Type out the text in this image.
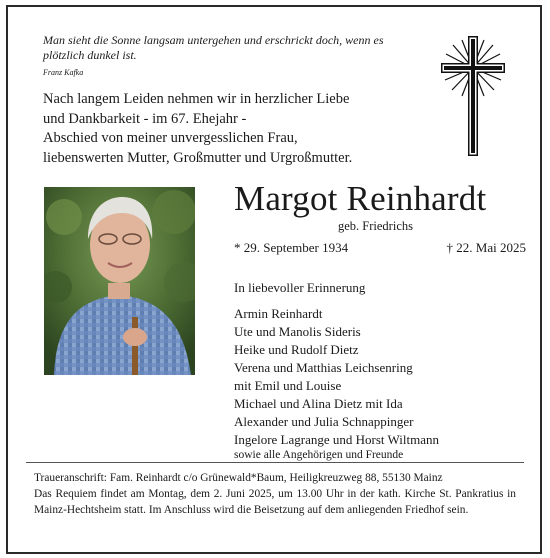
Man sieht die Sonne langsam untergehen und erschrickt doch, wenn es plötzlich dunkel ist.
Franz Kafka
Nach langem Leiden nehmen wir in herzlicher Liebe
und Dankbarkeit - im 67. Ehejahr -
Abschied von meiner unvergesslichen Frau,
liebenswerten Mutter, Großmutter und Urgroßmutter.
Margot Reinhardt
geb. Friedrichs
* 29. September 1934	† 22. Mai 2025
In liebevoller Erinnerung
Armin Reinhardt
Ute und Manolis Sideris
Heike und Rudolf Dietz
Verena und Matthias Leichsenring
mit Emil und Louise
Michael und Alina Dietz mit Ida
Alexander und Julia Schnappinger
Ingelore Lagrange und Horst Wiltmann
sowie alle Angehörigen und Freunde
Traueranschrift: Fam. Reinhardt c/o Grünewald*Baum, Heiligkreuzweg 88, 55130 Mainz
Das Requiem findet am Montag, dem 2. Juni 2025, um 13.00 Uhr in der kath. Kirche St. Pankratius in Mainz-Hechtsheim statt. Im Anschluss wird die Beisetzung auf dem anliegenden Friedhof sein.
